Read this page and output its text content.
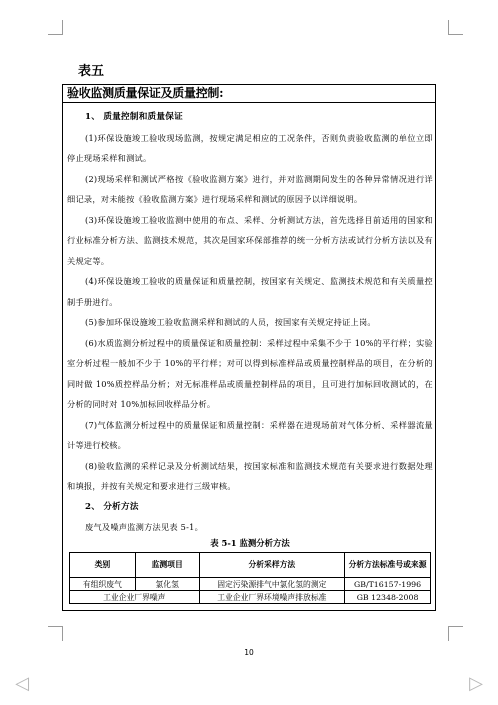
表五
验收监测质量保证及质量控制:

1、 质量控制和质量保证

(1)环保设施竣工验收现场监测，按规定满足相应的工况条件，否则负责验收监测的单位立即停止现场采样和测试。

(2)现场采样和测试严格按《验收监测方案》进行，并对监测期间发生的各种异常情况进行详细记录，对未能按《验收监测方案》进行现场采样和测试的原因予以详细说明。

(3)环保设施竣工验收监测中使用的布点、采样、分析测试方法，首先选择目前适用的国家和行业标准分析方法、监测技术规范，其次是国家环保部推荐的统一分析方法或试行分析方法以及有关规定等。

(4)环保设施竣工验收的质量保证和质量控制，按国家有关规定、监测技术规范和有关质量控制手册进行。

(5)参加环保设施竣工验收监测采样和测试的人员，按国家有关规定持证上岗。

(6)水质监测分析过程中的质量保证和质量控制：采样过程中采集不少于 10%的平行样；实验室分析过程一般加不少于 10%的平行样；对可以得到标准样品或质量控制样品的项目，在分析的同时做 10%质控样品分析；对无标准样品或质量控制样品的项目，且可进行加标回收测试的，在分析的同时对 10%加标回收样品分析。

(7)气体监测分析过程中的质量保证和质量控制：采样器在进现场前对气体分析、采样器流量计等进行校核。

(8)验收监测的采样记录及分析测试结果，按国家标准和监测技术规范有关要求进行数据处理和填报，并按有关规定和要求进行三级审核。

2、 分析方法

废气及噪声监测方法见表 5-1。

表 5-1 监测分析方法
类别	监测项目	分析采样方法	分析方法标准号或来源
有组织废气	氯化氢	固定污染源排气中氯化氢的测定	GB/T16157-1996
工业企业厂界噪声		工业企业厂界环境噪声排放标准	GB 12348-2008
10
◁	▷
